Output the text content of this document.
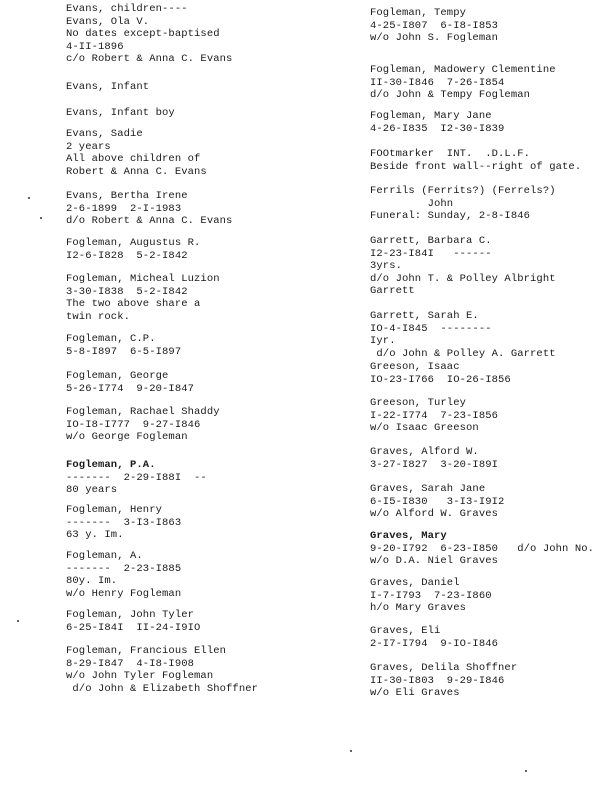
Evans, children----
Evans, Ola V.
No dates except-baptised
4-II-1896
c/o Robert & Anna C. Evans
Evans, Infant
Evans, Infant boy
Evans, Sadie
2 years
All above children of
Robert & Anna C. Evans
Evans, Bertha Irene
2-6-1899  2-I-1983
d/o Robert & Anna C. Evans
Fogleman, Augustus R.
I2-6-I828  5-2-I842
Fogleman, Micheal Luzion
3-30-I838  5-2-I842
The two above share a
twin rock.
Fogleman, C.P.
5-8-I897  6-5-I897
Fogleman, George
5-26-I774  9-20-I847
Fogleman, Rachael Shaddy
IO-I8-I777  9-27-I846
w/o George Fogleman
Fogleman, P.A.
-------  2-29-I88I  --
80 years
Fogleman, Henry
-------  3-I3-I863
63 y. Im.
Fogleman, A.
-------  2-23-I885
80y. Im.
w/o Henry Fogleman
Fogleman, John Tyler
6-25-I84I  II-24-I9IO
Fogleman, Francious Ellen
8-29-I847  4-I8-I908
w/o John Tyler Fogleman
d/o John & Elizabeth Shoffner
Fogleman, Tempy
4-25-I807  6-I8-I853
w/o John S. Fogleman
Fogleman, Madowery Clementine
II-30-I846  7-26-I854
d/o John & Tempy Fogleman
Fogleman, Mary Jane
4-26-I835  I2-30-I839
FOOtmarker  INT.  .D.L.F.
Beside front wall--right of gate.
Ferrils (Ferrits?) (Ferrels?)
John
Funeral: Sunday, 2-8-I846
Garrett, Barbara C.
I2-23-I84I   ------
3yrs.
d/o John T. & Polley Albright
Garrett
Garrett, Sarah E.
IO-4-I845  --------
Iyr.
d/o John & Polley A. Garrett
Greeson, Isaac
IO-23-I766  IO-26-I856
Greeson, Turley
I-22-I774  7-23-I856
w/o Isaac Greeson
Graves, Alford W.
3-27-I827  3-20-I89I
Graves, Sarah Jane
6-I5-I830   3-I3-I9I2
w/o Alford W. Graves
Graves, Mary
9-20-I792  6-23-I850   d/o John No.
w/o D.A. Niel Graves
Graves, Daniel
I-7-I793  7-23-I860
h/o Mary Graves
Graves, Eli
2-I7-I794  9-IO-I846
Graves, Delila Shoffner
II-30-I803  9-29-I846
w/o Eli Graves
